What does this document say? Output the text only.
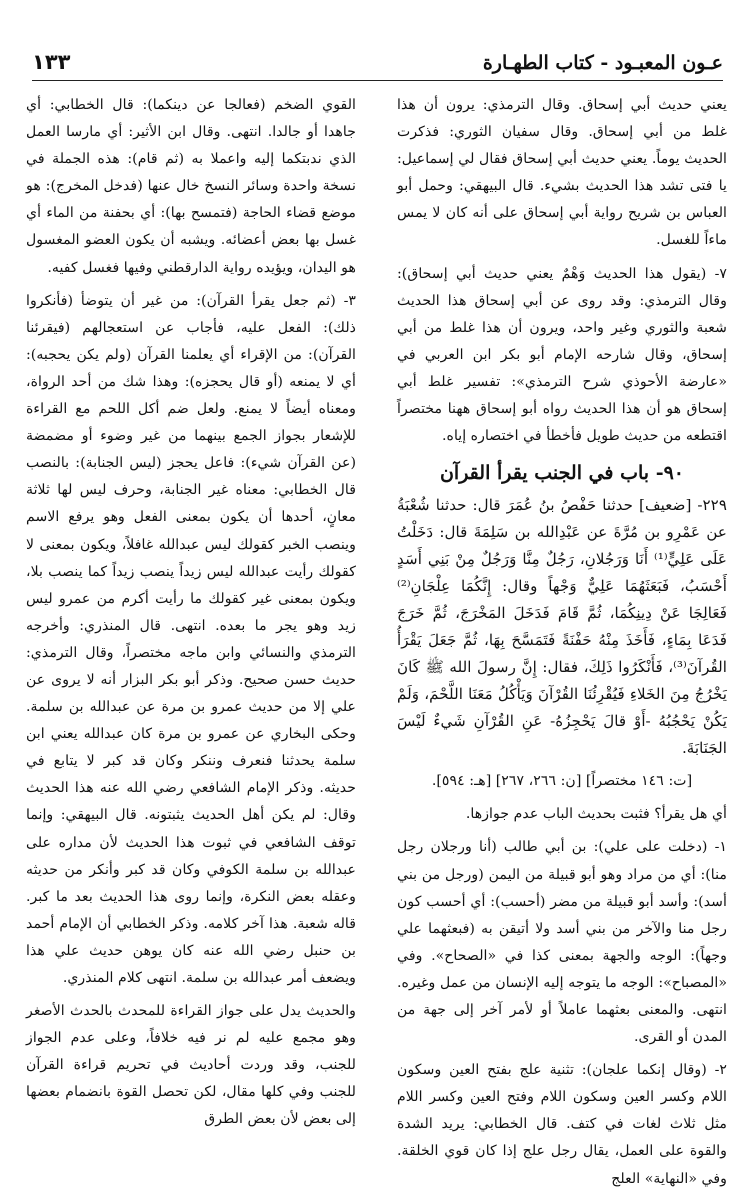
١٣٣	عـون المعبـود - كتاب الطهـارة

يعني حديث أبي إسحاق. وقال الترمذي: يرون أن هذا غلط من أبي إسحاق. وقال سفيان الثوري: فذكرت الحديث يوماً. يعني حديث أبي إسحاق فقال لي إسماعيل: يا فتى تشد هذا الحديث بشيء. قال البيهقي: وحمل أبو العباس بن شريح رواية أبي إسحاق على أنه كان لا يمس ماءاً للغسل.

٧- (يقول هذا الحديث وَهْمٌ يعني حديث أبي إسحاق): وقال الترمذي: وقد روى عن أبي إسحاق هذا الحديث شعبة والثوري وغير واحد، ويرون أن هذا غلط من أبي إسحاق، وقال شارحه الإمام أبو بكر ابن العربي في «عارضة الأحوذي شرح الترمذي»: تفسير غلط أبي إسحاق هو أن هذا الحديث رواه أبو إسحاق ههنا مختصراً اقتطعه من حديث طويل فأخطأ في اختصاره إياه.

٩٠- باب في الجنب يقرأ القرآن

٢٢٩- [ضعيف] حدثنا حَفْصُ بنُ عُمَرَ قال: حدثنا شُعْبَةُ عن عَمْرِو بن مُرَّةَ عن عَبْدِالله بن سَلِمَةَ قال: دَخَلْتُ عَلَى عَلِيٍّ⁽¹⁾ أَنَا وَرَجُلانِ، رَجُلٌ مِنَّا وَرَجُلٌ مِنْ بَنِي أَسَدٍ أَحْسَبُ، فَبَعَثَهُمَا عَلِيٌّ وَجْهاً وقال: إِنَّكُمَا عِلْجَانِ⁽²⁾ فَعَالِجَا عَنْ دِينِكُمَا، ثُمَّ قَامَ فَدَخَلَ المَخْرَجَ، ثُمَّ خَرَجَ فَدَعَا بِمَاءٍ، فَأَخَذَ مِنْهُ حَفْنَةً فَتَمَسَّحَ بِهَا، ثُمَّ جَعَلَ يَقْرَأُ القُرآنَ⁽³⁾، فَأَنْكَرُوا ذَلِكَ، فقال: إِنَّ رسولَ الله ﷺ كَانَ يَخْرُجُ مِنَ الخَلاءِ فَيُقْرِئُنَا القُرْآنَ وَيَأْكُلُ مَعَنَا اللَّحْمَ، وَلَمْ يَكُنْ يَحْجُبُهُ -أَوْ قالَ يَحْجِزُهُ- عَنِ القُرْآنِ شَيءٌ لَيْسَ الجَنَابَةَ.

[ت: ١٤٦ مختصراً] [ن: ٢٦٦، ٢٦٧] [هـ: ٥٩٤].

أي هل يقرأ؟ فثبت بحديث الباب عدم جوازها.

١- (دخلت على علي): بن أبي طالب (أنا ورجلان رجل منا): أي من مراد وهو أبو قبيلة من اليمن (ورجل من بني أسد): وأسد أبو قبيلة من مضر (أحسب): أي أحسب كون رجل منا والآخر من بني أسد ولا أتيقن به (فبعثهما علي وجهاً): الوجه والجهة بمعنى كذا في «الصحاح». وفي «المصباح»: الوجه ما يتوجه إليه الإنسان من عمل وغيره. انتهى. والمعنى بعثهما عاملاً أو لأمر آخر إلى جهة من المدن أو القرى.

٢- (وقال إنكما علجان): تثنية علج بفتح العين وسكون اللام وكسر العين وسكون اللام وفتح العين وكسر اللام مثل ثلاث لغات في كتف. قال الخطابي: يريد الشدة والقوة على العمل، يقال رجل علج إذا كان قوي الخلقة. وفي «النهاية» العلج

القوي الضخم (فعالجا عن دينكما): قال الخطابي: أي جاهدا أو جالدا. انتهى. وقال ابن الأثير: أي مارسا العمل الذي ندبتكما إليه واعملا به (ثم قام): هذه الجملة في نسخة واحدة وسائر النسخ خال عنها (فدخل المخرج): هو موضع قضاء الحاجة (فتمسح بها): أي بحفنة من الماء أي غسل بها بعض أعضائه. ويشبه أن يكون العضو المغسول هو اليدان، ويؤيده رواية الدارقطني وفيها فغسل كفيه.

٣- (ثم جعل يقرأ القرآن): من غير أن يتوضأ (فأنكروا ذلك): الفعل عليه، فأجاب عن استعجالهم (فيقرئنا القرآن): من الإقراء أي يعلمنا القرآن (ولم يكن يحجبه): أي لا يمنعه (أو قال يحجزه): وهذا شك من أحد الرواة، ومعناه أيضاً لا يمنع. ولعل ضم أكل اللحم مع القراءة للإشعار بجواز الجمع بينهما من غير وضوء أو مضمضة (عن القرآن شيء): فاعل يحجز (ليس الجنابة): بالنصب قال الخطابي: معناه غير الجنابة، وحرف ليس لها ثلاثة معانٍ، أحدها أن يكون بمعنى الفعل وهو يرفع الاسم وينصب الخبر كقولك ليس عبدالله غافلاً، ويكون بمعنى لا كقولك رأيت عبدالله ليس زيداً ينصب زيداً كما ينصب بلا، ويكون بمعنى غير كقولك ما رأيت أكرم من عمرو ليس زيد وهو يجر ما بعده. انتهى. قال المنذري: وأخرجه الترمذي والنسائي وابن ماجه مختصراً، وقال الترمذي: حديث حسن صحيح. وذكر أبو بكر البزار أنه لا يروى عن علي إلا من حديث عمرو بن مرة عن عبدالله بن سلمة. وحكى البخاري عن عمرو بن مرة كان عبدالله يعني ابن سلمة يحدثنا فنعرف وننكر وكان قد كبر لا يتابع في حديثه. وذكر الإمام الشافعي رضي الله عنه هذا الحديث وقال: لم يكن أهل الحديث يثبتونه. قال البيهقي: وإنما توقف الشافعي في ثبوت هذا الحديث لأن مداره على عبدالله بن سلمة الكوفي وكان قد كبر وأنكر من حديثه وعقله بعض النكرة، وإنما روى هذا الحديث بعد ما كبر. قاله شعبة. هذا آخر كلامه. وذكر الخطابي أن الإمام أحمد بن حنبل رضي الله عنه كان يوهن حديث علي هذا ويضعف أمر عبدالله بن سلمة. انتهى كلام المنذري.

والحديث يدل على جواز القراءة للمحدث بالحدث الأصغر وهو مجمع عليه لم نر فيه خلافاً، وعلى عدم الجواز للجنب، وقد وردت أحاديث في تحريم قراءة القرآن للجنب وفي كلها مقال، لكن تحصل القوة بانضمام بعضها إلى بعض لأن بعض الطرق
